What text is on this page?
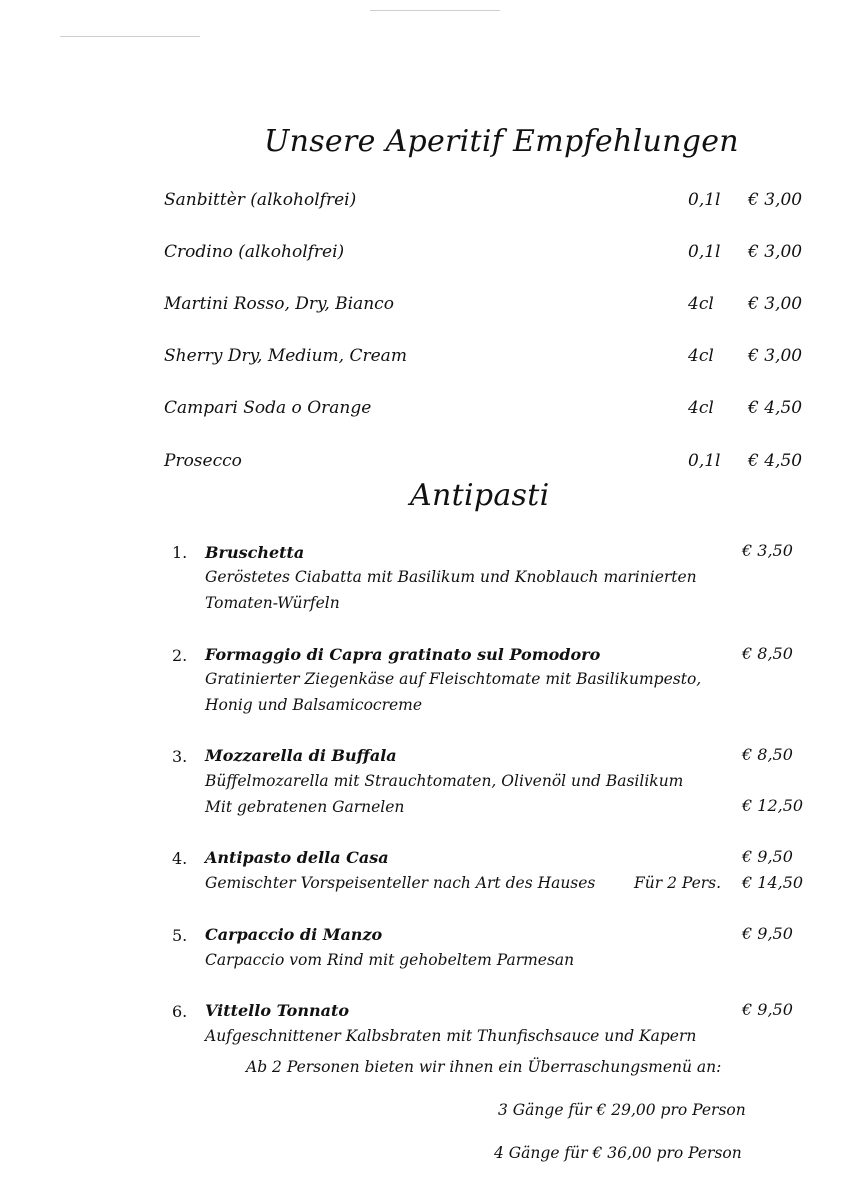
Unsere Aperitif Empfehlungen
Sanbittèr (alkoholfrei)	0,1l € 3,00
Crodino (alkoholfrei)	0,1l € 3,00
Martini Rosso, Dry, Bianco	4cl € 3,00
Sherry Dry, Medium, Cream	4cl € 3,00
Campari Soda o Orange	4cl € 4,50
Prosecco	0,1l € 4,50
Antipasti
1. Bruschetta	€ 3,50
Geröstetes Ciabatta mit Basilikum und Knoblauch marinierten
Tomaten-Würfeln
2. Formaggio di Capra gratinato sul Pomodoro	€ 8,50
Gratinierter Ziegenkäse auf Fleischtomate mit Basilikumpesto,
Honig und Balsamicocreme
3. Mozzarella di Buffala	€ 8,50
Büffelmozarella mit Strauchtomaten, Olivenöl und Basilikum
Mit gebratenen Garnelen	€ 12,50
4. Antipasto della Casa	€ 9,50
Gemischter Vorspeisenteller nach Art des Hauses Für 2 Pers. € 14,50
5. Carpaccio di Manzo	€ 9,50
Carpaccio vom Rind mit gehobeltem Parmesan
6. Vittello Tonnato	€ 9,50
Aufgeschnittener Kalbsbraten mit Thunfischsauce und Kapern
Ab 2 Personen bieten wir ihnen ein Überraschungsmenü an:
3 Gänge für € 29,00 pro Person
4 Gänge für € 36,00 pro Person
